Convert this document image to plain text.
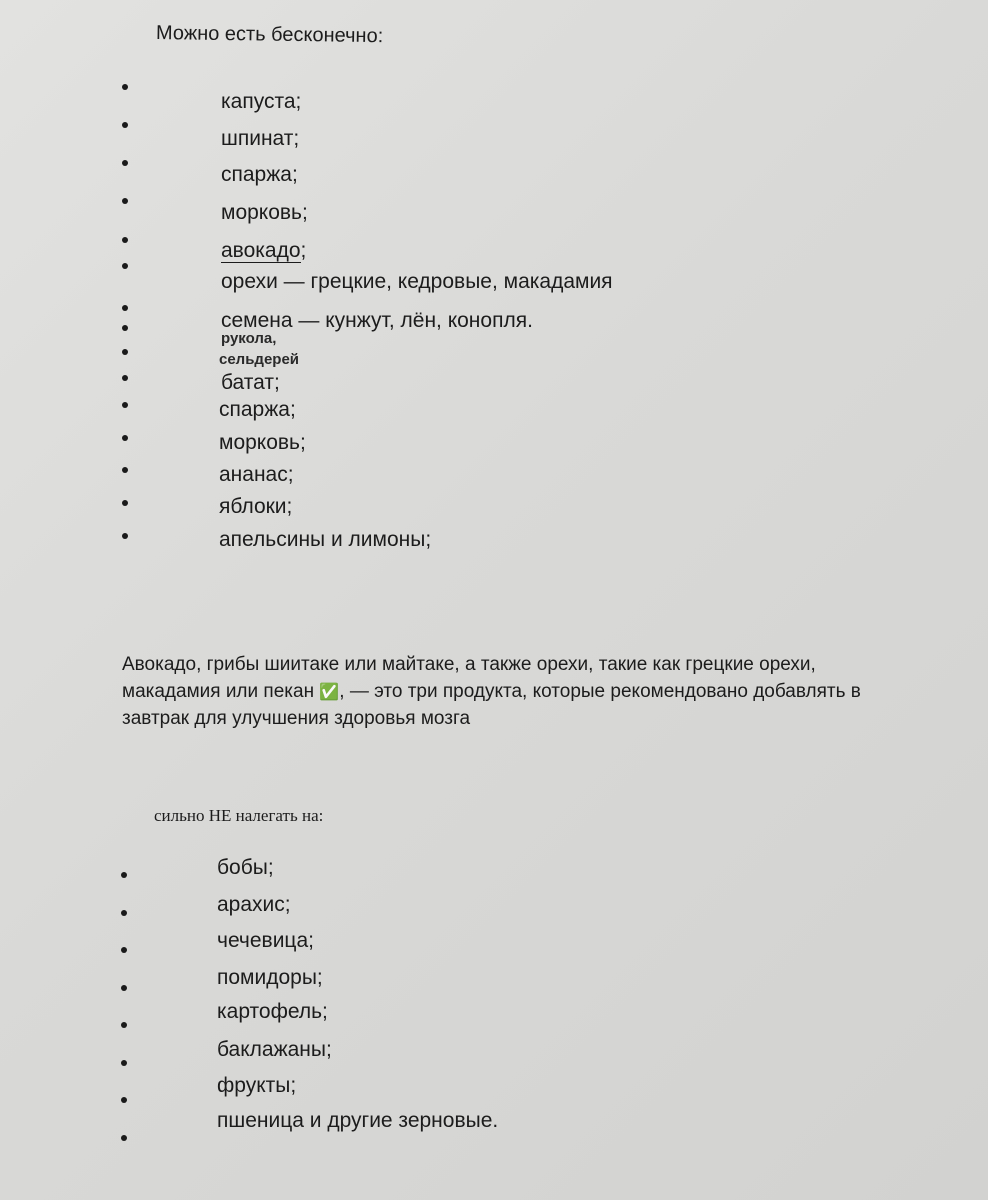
Можно есть бесконечно:
капуста;
шпинат;
спаржа;
морковь;
авокадо;
орехи — грецкие, кедровые, макадамия
семена — кунжут, лён, конопля.
рукола,
сельдерей
батат;
спаржа;
морковь;
ананас;
яблоки;
апельсины и лимоны;
Авокадо, грибы шиитаке или майтаке, а также орехи, такие как грецкие орехи,
макадамия или пекан ✅, — это три продукта, которые рекомендовано добавлять в
завтрак для улучшения здоровья мозга
сильно НЕ налегать на:
бобы;
арахис;
чечевица;
помидоры;
картофель;
баклажаны;
фрукты;
пшеница и другие зерновые.
